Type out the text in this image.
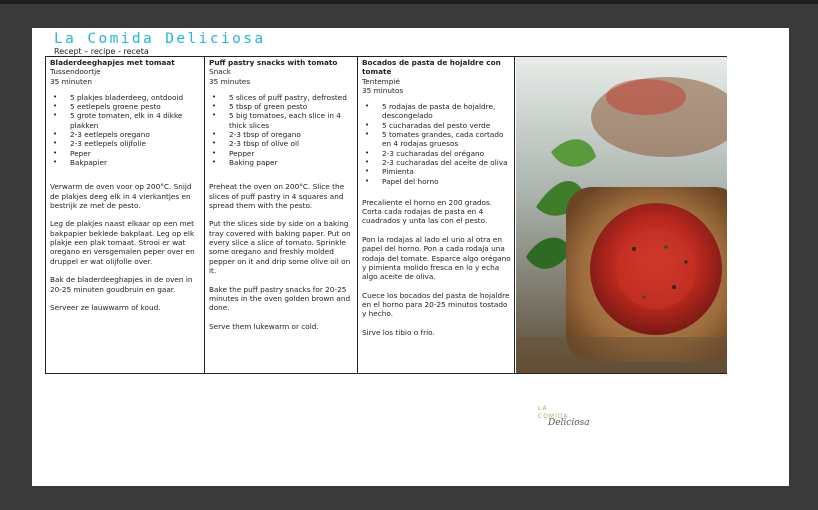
La Comida Deliciosa
Recept – recipe - receta
Bladerdeeghapjes met tomaat
Tussendoortje
35 minuten
• 5 plakjes bladerdeeg, ontdooid
• 5 eetlepels groene pesto
• 5 grote tomaten, elk in 4 dikke plakken
• 2-3 eetlepels oregano
• 2-3 eetlepels olijfolie
• Peper
• Bakpapier

Verwarm de oven voor op 200°C. Snijd de plakjes deeg elk in 4 vierkantjes en bestrijk ze met de pesto.

Leg de plakjes naast elkaar op een met bakpapier beklede bakplaat. Leg op elk plakje een plak tomaat. Strooi er wat oregano en versgemalen peper over en druppel er wat olijfolie over.

Bak de bladerdeeghapjes in de oven in 20-25 minuten goudbruin en gaar.

Serveer ze lauwwarm of koud.

Puff pastry snacks with tomato
Snack
35 minutes
• 5 slices of puff pastry, defrosted
• 5 tbsp of green pesto
• 5 big tomatoes, each slice in 4 thick slices
• 2-3 tbsp of oregano
• 2-3 tbsp of olive oil
• Pepper
• Baking paper

Preheat the oven on 200°C. Slice the slices of puff pastry in 4 squares and spread them with the pesto.

Put the slices side by side on a baking tray covered with baking paper. Put on every slice a slice of tomato. Sprinkle some oregano and freshly molded pepper on it and drip some olive oil on it.

Bake the puff pastry snacks for 20-25 minutes in the oven golden brown and done.

Serve them lukewarm or cold.

Bocados de pasta de hojaldre con tomate
Tentempié
35 minutos
• 5 rodajas de pasta de hojaldre, descongelado
• 5 cucharadas del pesto verde
• 5 tomates grandes, cada cortado en 4 rodajas gruesos
• 2-3 cucharadas del orégano
• 2-3 cucharadas del aceite de oliva
• Pimienta
• Papel del horno

Precaliente el horno en 200 grados. Corta cada rodajas de pasta en 4 cuadrados y unta las con el pesto.

Pon la rodajas al lado el uno al otra en papel del horno. Pon a cada rodaja una rodaja del tomate. Esparce algo orégano y pimienta molido fresca en lo y echa algo aceite de oliva.

Cuece los bocados del pasta de hojaldre en el horno para 20-25 minutos tostado y hecho.

Sirve los tibio o frio.

LA
COMIDA
Deliciosa
